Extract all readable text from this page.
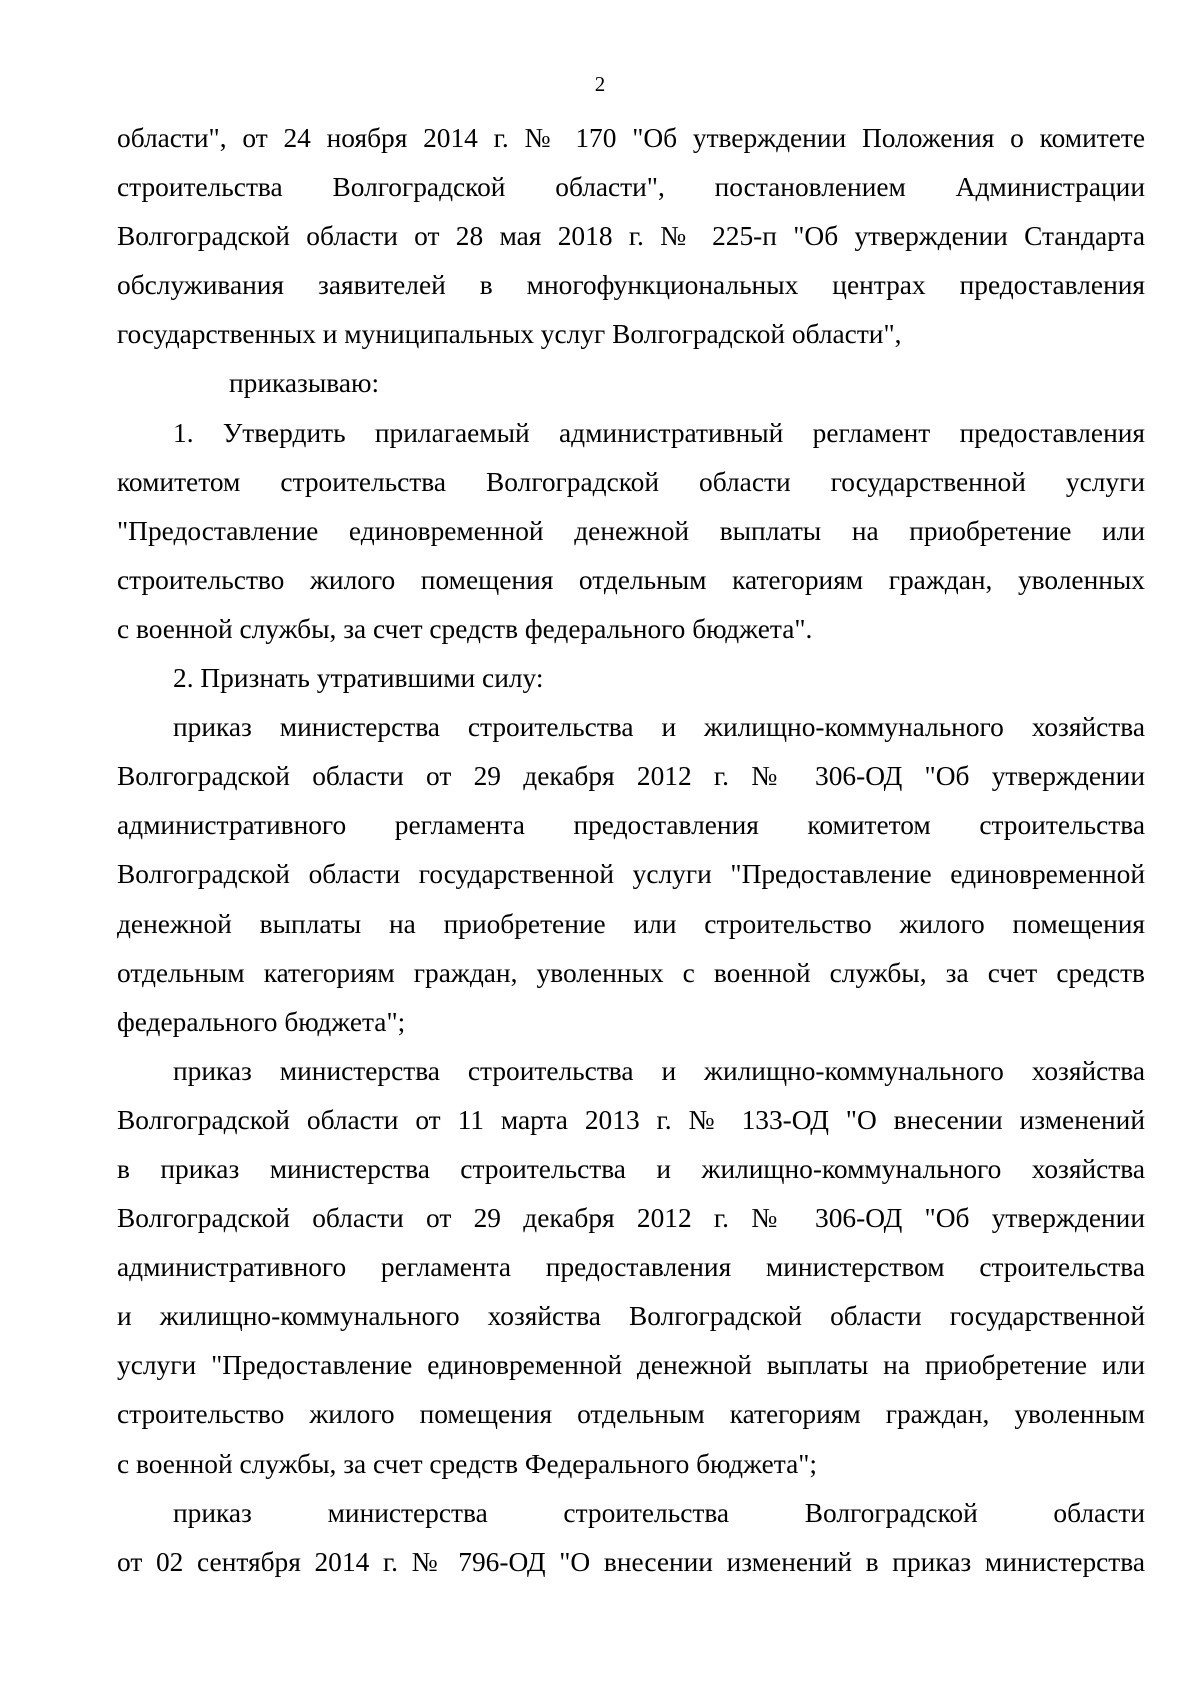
2

области", от 24 ноября 2014 г. № 170 "Об утверждении Положения о комитете
строительства Волгоградской области", постановлением Администрации
Волгоградской области от 28 мая 2018 г. № 225-п "Об утверждении Стандарта
обслуживания заявителей в многофункциональных центрах предоставления
государственных и муниципальных услуг Волгоградской области",

приказываю:

1. Утвердить прилагаемый административный регламент предоставления
комитетом строительства Волгоградской области государственной услуги
"Предоставление единовременной денежной выплаты на приобретение или
строительство жилого помещения отдельным категориям граждан, уволенных
с военной службы, за счет средств федерального бюджета".

2. Признать утратившими силу:

приказ министерства строительства и жилищно-коммунального хозяйства
Волгоградской области от 29 декабря 2012 г. № 306-ОД "Об утверждении
административного регламента предоставления комитетом строительства
Волгоградской области государственной услуги "Предоставление единовременной
денежной выплаты на приобретение или строительство жилого помещения
отдельным категориям граждан, уволенных с военной службы, за счет средств
федерального бюджета";

приказ министерства строительства и жилищно-коммунального хозяйства
Волгоградской области от 11 марта 2013 г. № 133-ОД "О внесении изменений
в приказ министерства строительства и жилищно-коммунального хозяйства
Волгоградской области от 29 декабря 2012 г. № 306-ОД "Об утверждении
административного регламента предоставления министерством строительства
и жилищно-коммунального хозяйства Волгоградской области государственной
услуги "Предоставление единовременной денежной выплаты на приобретение или
строительство жилого помещения отдельным категориям граждан, уволенным
с военной службы, за счет средств Федерального бюджета";

приказ министерства строительства Волгоградской области
от 02 сентября 2014 г. № 796-ОД "О внесении изменений в приказ министерства
